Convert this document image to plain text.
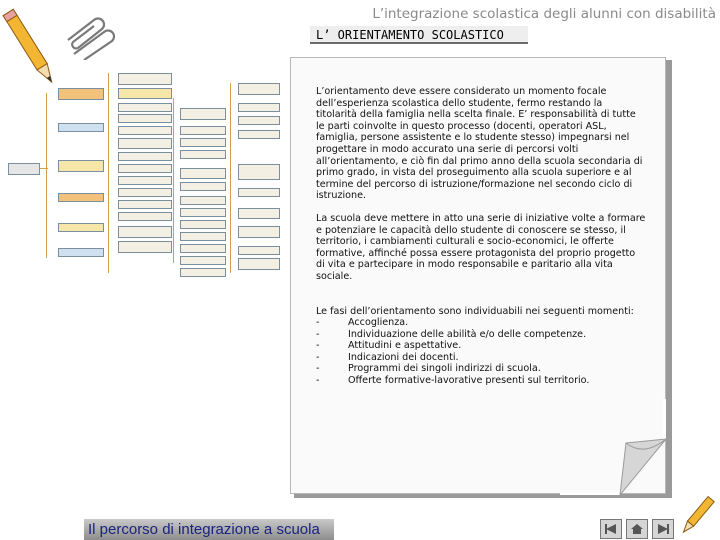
L’integrazione scolastica degli alunni con disabilità
L’ ORIENTAMENTO SCOLASTICO

L’orientamento deve essere considerato un momento focale dell’esperienza scolastica dello studente, fermo restando la titolarità della famiglia nella scelta finale. E’ responsabilità di tutte le parti coinvolte in questo processo (docenti, operatori ASL, famiglia, persone assistente e lo studente stesso) impegnarsi nel progettare in modo accurato una serie di percorsi volti all’orientamento, e ciò fin dal primo anno della scuola secondaria di primo grado, in vista del proseguimento alla scuola superiore e al termine del percorso di istruzione/formazione nel secondo ciclo di istruzione.

La scuola deve mettere in atto una serie di iniziative volte a formare e potenziare le capacità dello studente di conoscere se stesso, il territorio, i cambiamenti culturali e socio-economici, le offerte formative, affinché possa essere protagonista del proprio progetto di vita e partecipare in modo responsabile e paritario alla vita sociale.

Le fasi dell’orientamento sono individuabili nei seguenti momenti:
-	Accoglienza.
-	Individuazione delle abilità e/o delle competenze.
-	Attitudini e aspettative.
-	Indicazioni dei docenti.
-	Programmi dei singoli indirizzi di scuola.
-	Offerte formative-lavorative presenti sul territorio.
Il percorso di integrazione a scuola
